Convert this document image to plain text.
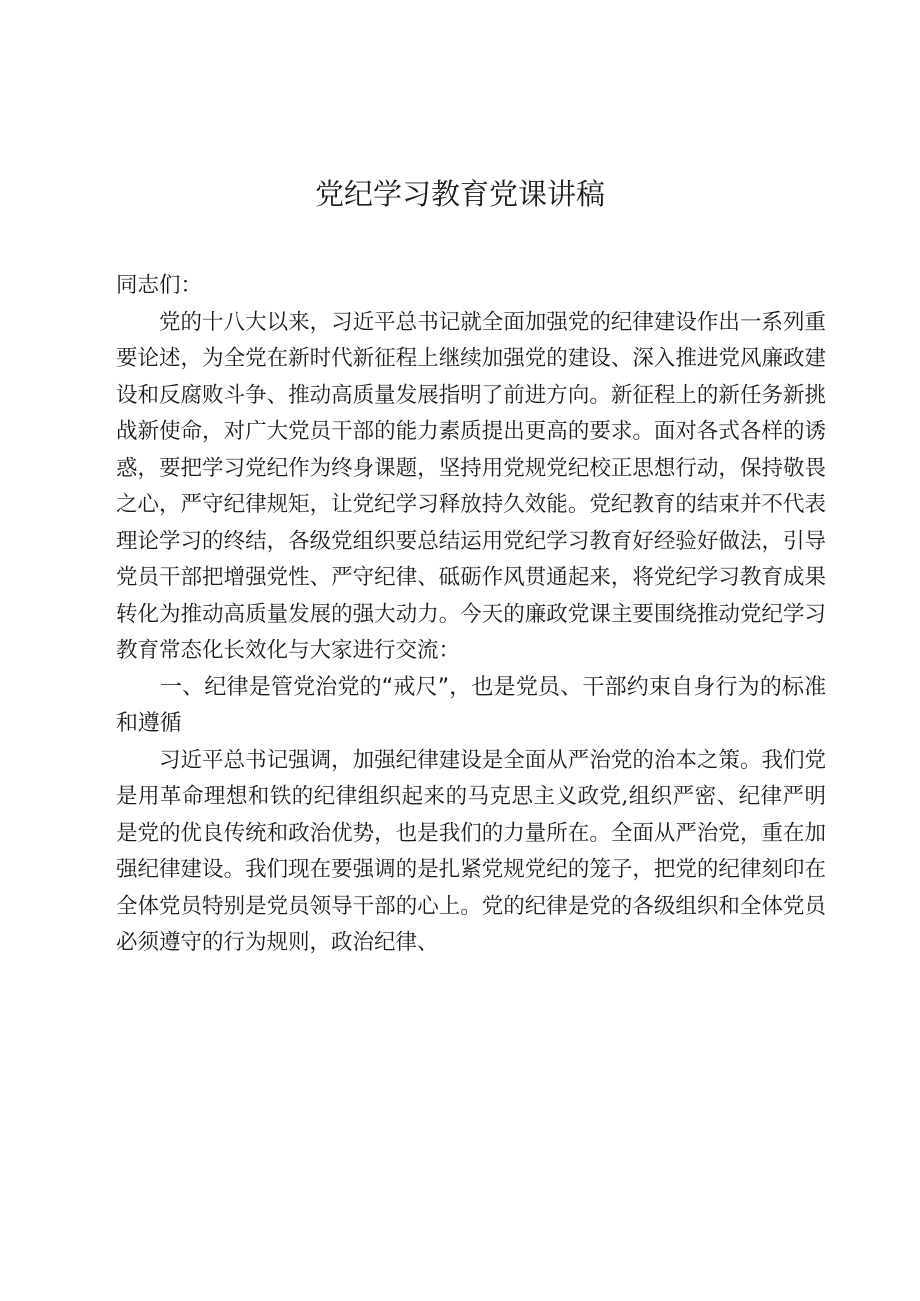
党纪学习教育党课讲稿

同志们：

党的十八大以来，习近平总书记就全面加强党的纪律建设作出一系列重要论述，为全党在新时代新征程上继续加强党的建设、深入推进党风廉政建设和反腐败斗争、推动高质量发展指明了前进方向。新征程上的新任务新挑战新使命，对广大党员干部的能力素质提出更高的要求。面对各式各样的诱惑，要把学习党纪作为终身课题，坚持用党规党纪校正思想行动，保持敬畏之心，严守纪律规矩，让党纪学习释放持久效能。党纪教育的结束并不代表理论学习的终结，各级党组织要总结运用党纪学习教育好经验好做法，引导党员干部把增强党性、严守纪律、砥砺作风贯通起来，将党纪学习教育成果转化为推动高质量发展的强大动力。今天的廉政党课主要围绕推动党纪学习教育常态化长效化与大家进行交流：

一、纪律是管党治党的“戒尺”，也是党员、干部约束自身行为的标准和遵循

习近平总书记强调，加强纪律建设是全面从严治党的治本之策。我们党是用革命理想和铁的纪律组织起来的马克思主义政党,组织严密、纪律严明是党的优良传统和政治优势，也是我们的力量所在。全面从严治党，重在加强纪律建设。我们现在要强调的是扎紧党规党纪的笼子，把党的纪律刻印在全体党员特别是党员领导干部的心上。党的纪律是党的各级组织和全体党员必须遵守的行为规则，政治纪律、
